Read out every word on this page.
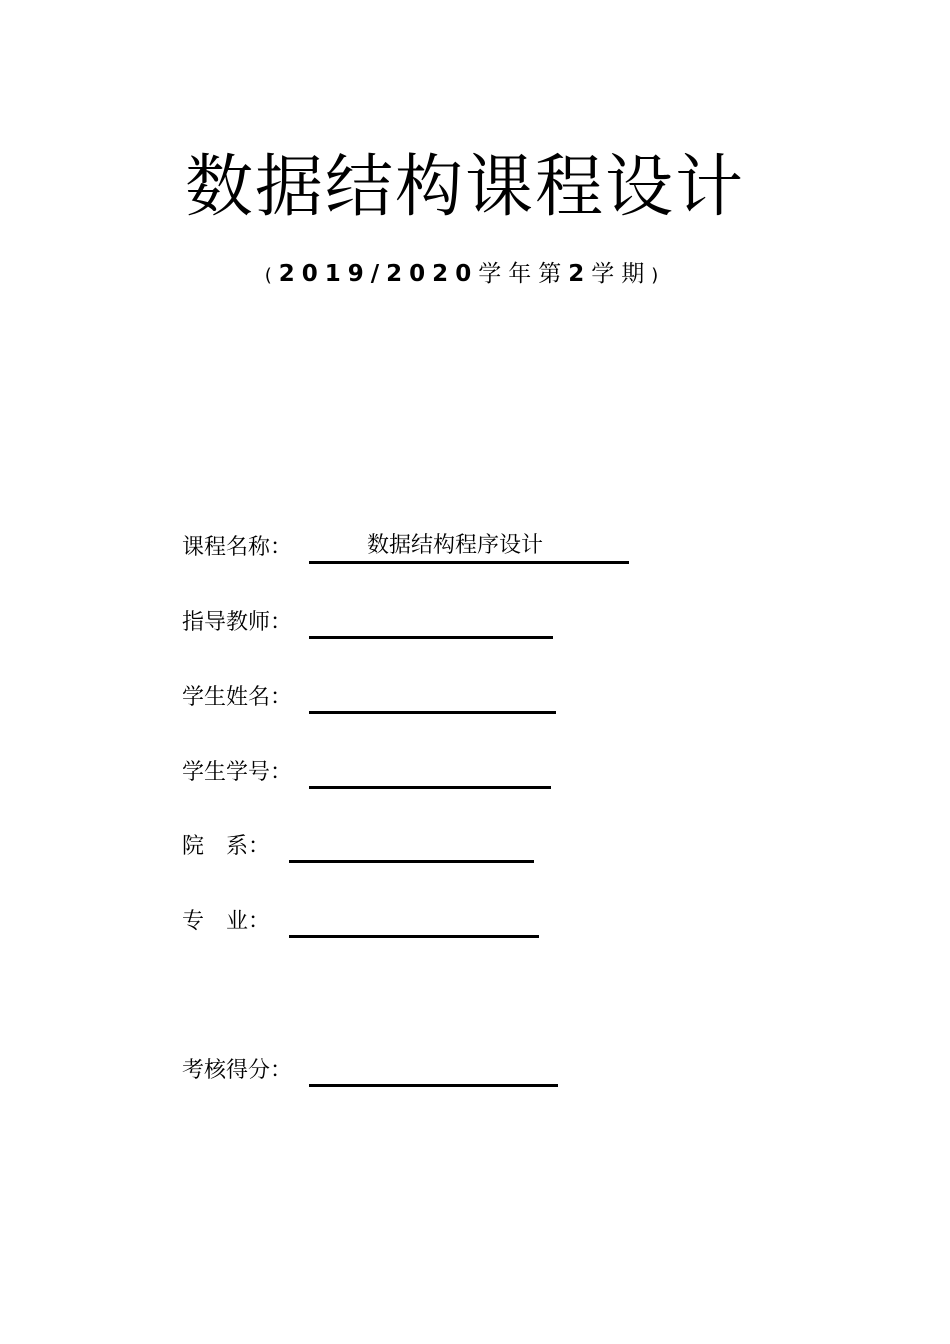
数据结构课程设计
(2019/2020学年第2学期)
课程名称：	数据结构程序设计
指导教师：
学生姓名：
学生学号：
院　系：
专　业：
考核得分：
